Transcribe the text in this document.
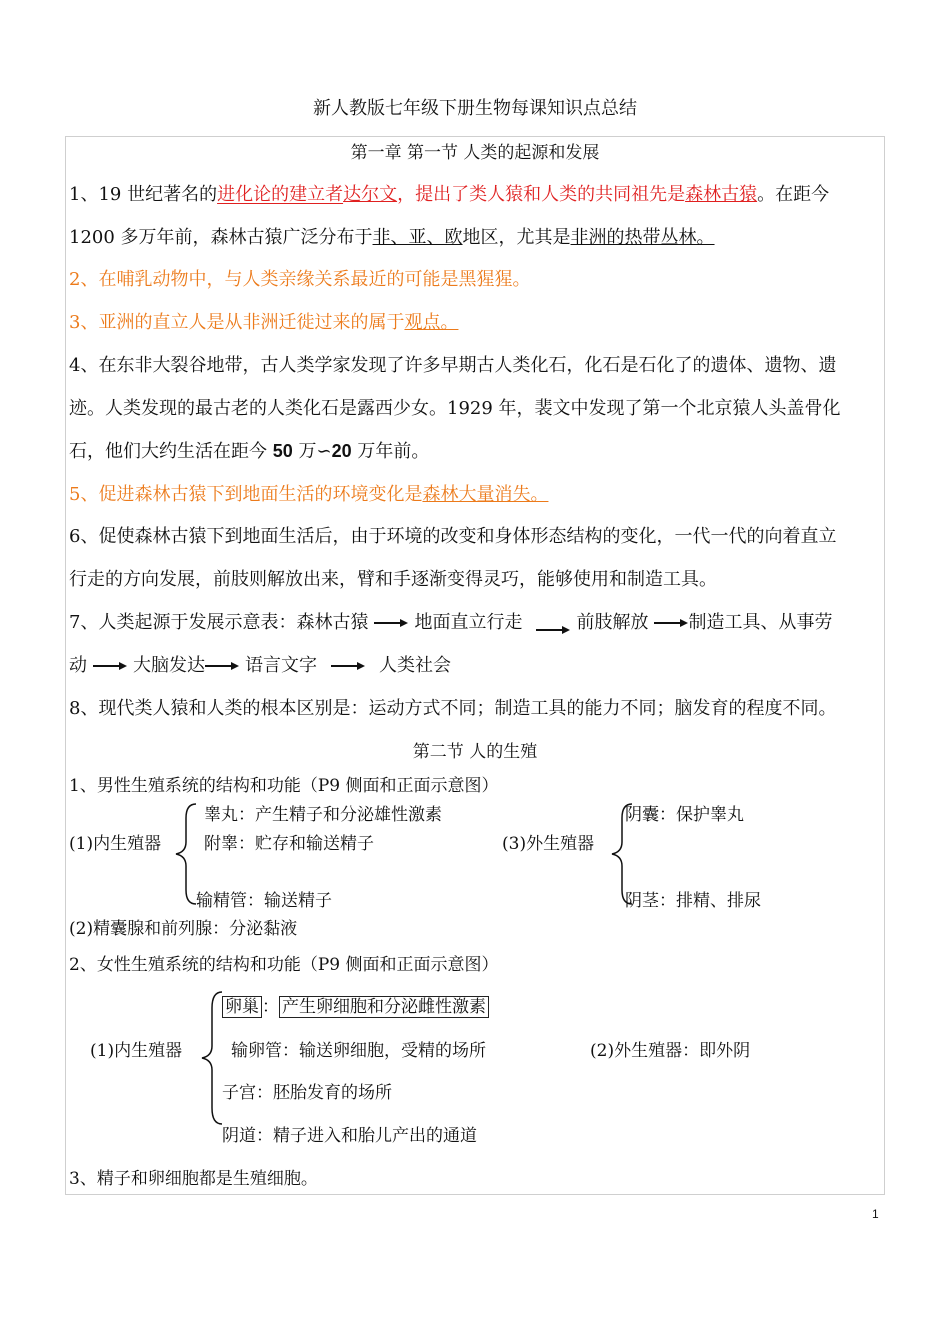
新人教版七年级下册生物每课知识点总结
第一章 第一节 人类的起源和发展
1、19 世纪著名的进化论的建立者达尔文，提出了类人猿和人类的共同祖先是森林古猿。在距今
1200 多万年前，森林古猿广泛分布于非、亚、欧地区，尤其是非洲的热带丛林。
2、在哺乳动物中，与人类亲缘关系最近的可能是黑猩猩。
3、亚洲的直立人是从非洲迁徙过来的属于观点。
4、在东非大裂谷地带，古人类学家发现了许多早期古人类化石，化石是石化了的遗体、遗物、遗
迹。人类发现的最古老的人类化石是露西少女。1929 年，裴文中发现了第一个北京猿人头盖骨化
石，他们大约生活在距今 50 万∽20 万年前。
5、促进森林古猿下到地面生活的环境变化是森林大量消失。
6、促使森林古猿下到地面生活后，由于环境的改变和身体形态结构的变化，一代一代的向着直立
行走的方向发展，前肢则解放出来，臂和手逐渐变得灵巧，能够使用和制造工具。
7、人类起源于发展示意表：森林古猿	地面直立行走	前肢解放 制造工具、从事劳
动	大脑发达 语言文字	人类社会
8、现代类人猿和人类的根本区别是：运动方式不同；制造工具的能力不同；脑发育的程度不同。
第二节 人的生殖
1、男性生殖系统的结构和功能（P9 侧面和正面示意图）
(1)内生殖器
睾丸：产生精子和分泌雄性激素
附睾：贮存和输送精子
输精管：输送精子
(3)外生殖器
阴囊：保护睾丸
阴茎：排精、排尿
(2)精囊腺和前列腺：分泌黏液
2、女性生殖系统的结构和功能（P9 侧面和正面示意图）
(1)内生殖器
卵巢 ： 产生卵细胞和分泌雌性激素
输卵管：输送卵细胞，受精的场所
子宫：胚胎发育的场所
阴道：精子进入和胎儿产出的通道
(2)外生殖器：即外阴
3、精子和卵细胞都是生殖细胞。
1
